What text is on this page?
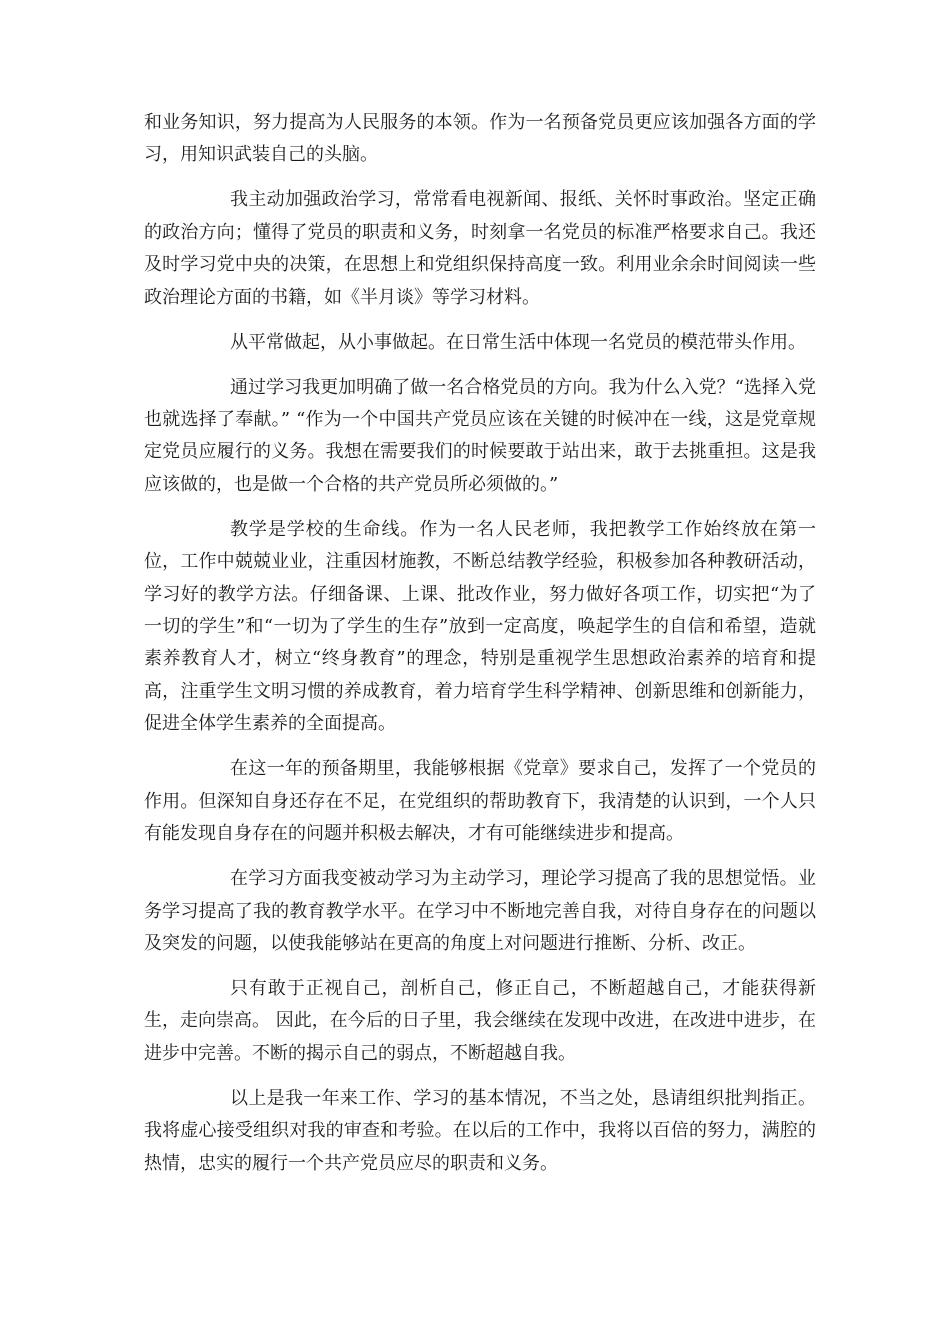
和业务知识，努力提高为人民服务的本领。作为一名预备党员更应该加强各方面的学习，用知识武装自己的头脑。

我主动加强政治学习，常常看电视新闻、报纸、关怀时事政治。坚定正确的政治方向；懂得了党员的职责和义务，时刻拿一名党员的标准严格要求自己。我还及时学习党中央的决策，在思想上和党组织保持高度一致。利用业余余时间阅读一些政治理论方面的书籍，如《半月谈》等学习材料。

从平常做起，从小事做起。在日常生活中体现一名党员的模范带头作用。

通过学习我更加明确了做一名合格党员的方向。我为什么入党？“选择入党也就选择了奉献。” “作为一个中国共产党员应该在关键的时候冲在一线，这是党章规定党员应履行的义务。我想在需要我们的时候要敢于站出来，敢于去挑重担。这是我应该做的，也是做一个合格的共产党员所必须做的。”

教学是学校的生命线。作为一名人民老师，我把教学工作始终放在第一位，工作中兢兢业业，注重因材施教，不断总结教学经验，积极参加各种教研活动，学习好的教学方法。仔细备课、上课、批改作业，努力做好各项工作，切实把“为了一切的学生”和“一切为了学生的生存”放到一定高度，唤起学生的自信和希望，造就素养教育人才，树立“终身教育”的理念，特别是重视学生思想政治素养的培育和提高，注重学生文明习惯的养成教育，着力培育学生科学精神、创新思维和创新能力，促进全体学生素养的全面提高。

在这一年的预备期里，我能够根据《党章》要求自己，发挥了一个党员的作用。但深知自身还存在不足，在党组织的帮助教育下，我清楚的认识到，一个人只有能发现自身存在的问题并积极去解决，才有可能继续进步和提高。

在学习方面我变被动学习为主动学习，理论学习提高了我的思想觉悟。业务学习提高了我的教育教学水平。在学习中不断地完善自我，对待自身存在的问题以及突发的问题，以使我能够站在更高的角度上对问题进行推断、分析、改正。

只有敢于正视自己，剖析自己，修正自己，不断超越自己，才能获得新生，走向崇高。 因此，在今后的日子里，我会继续在发现中改进，在改进中进步，在进步中完善。不断的揭示自己的弱点，不断超越自我。

以上是我一年来工作、学习的基本情况，不当之处，恳请组织批判指正。我将虚心接受组织对我的审查和考验。在以后的工作中，我将以百倍的努力，满腔的热情，忠实的履行一个共产党员应尽的职责和义务。
